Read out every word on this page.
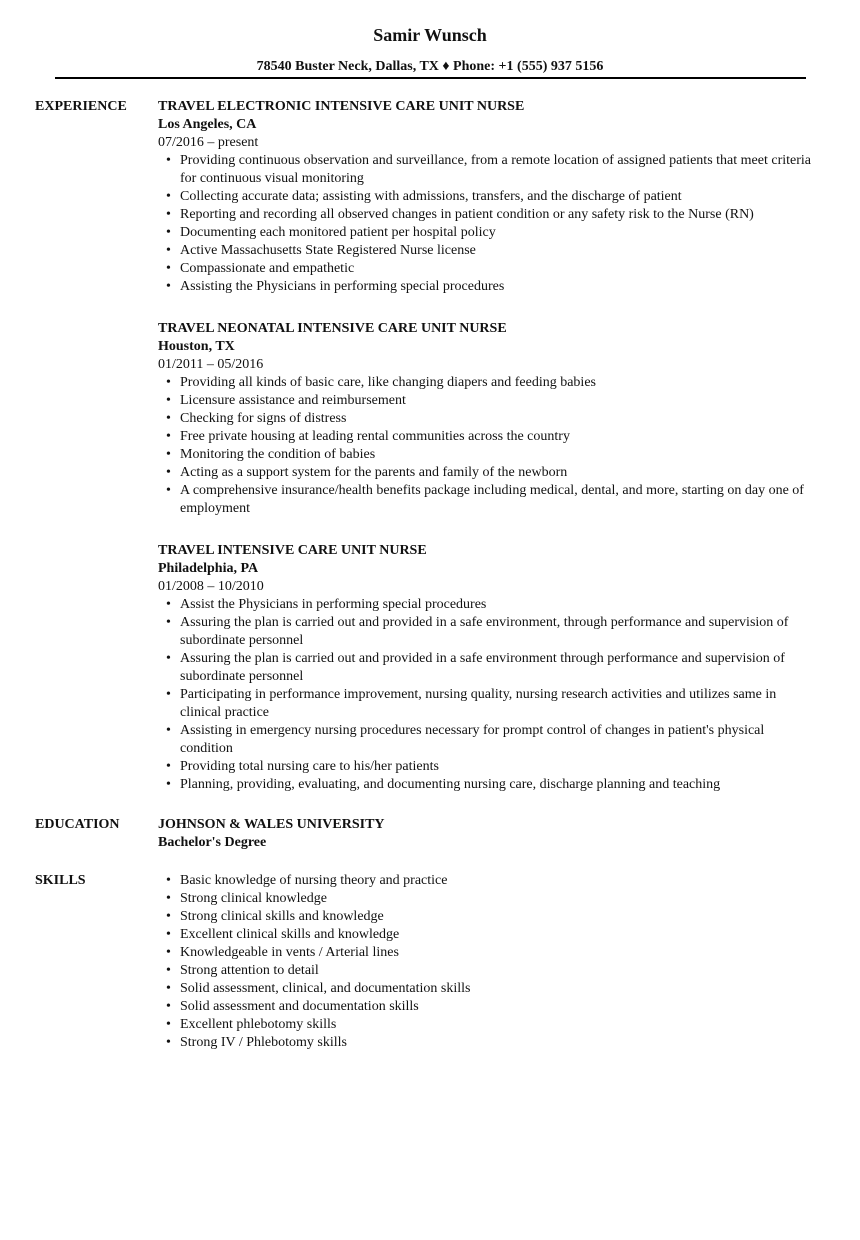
Samir Wunsch
78540 Buster Neck, Dallas, TX ♦ Phone: +1 (555) 937 5156
EXPERIENCE TRAVEL ELECTRONIC INTENSIVE CARE UNIT NURSE
Los Angeles, CA
07/2016 – present
• Providing continuous observation and surveillance, from a remote location of assigned patients that meet criteria for continuous visual monitoring
• Collecting accurate data; assisting with admissions, transfers, and the discharge of patient
• Reporting and recording all observed changes in patient condition or any safety risk to the Nurse (RN)
• Documenting each monitored patient per hospital policy
• Active Massachusetts State Registered Nurse license
• Compassionate and empathetic
• Assisting the Physicians in performing special procedures
TRAVEL NEONATAL INTENSIVE CARE UNIT NURSE
Houston, TX
01/2011 – 05/2016
• Providing all kinds of basic care, like changing diapers and feeding babies
• Licensure assistance and reimbursement
• Checking for signs of distress
• Free private housing at leading rental communities across the country
• Monitoring the condition of babies
• Acting as a support system for the parents and family of the newborn
• A comprehensive insurance/health benefits package including medical, dental, and more, starting on day one of employment
TRAVEL INTENSIVE CARE UNIT NURSE
Philadelphia, PA
01/2008 – 10/2010
• Assist the Physicians in performing special procedures
• Assuring the plan is carried out and provided in a safe environment, through performance and supervision of subordinate personnel
• Assuring the plan is carried out and provided in a safe environment through performance and supervision of subordinate personnel
• Participating in performance improvement, nursing quality, nursing research activities and utilizes same in clinical practice
• Assisting in emergency nursing procedures necessary for prompt control of changes in patient's physical condition
• Providing total nursing care to his/her patients
• Planning, providing, evaluating, and documenting nursing care, discharge planning and teaching
EDUCATION	JOHNSON & WALES UNIVERSITY
Bachelor's Degree
SKILLS	• Basic knowledge of nursing theory and practice
• Strong clinical knowledge
• Strong clinical skills and knowledge
• Excellent clinical skills and knowledge
• Knowledgeable in vents / Arterial lines
• Strong attention to detail
• Solid assessment, clinical, and documentation skills
• Solid assessment and documentation skills
• Excellent phlebotomy skills
• Strong IV / Phlebotomy skills
